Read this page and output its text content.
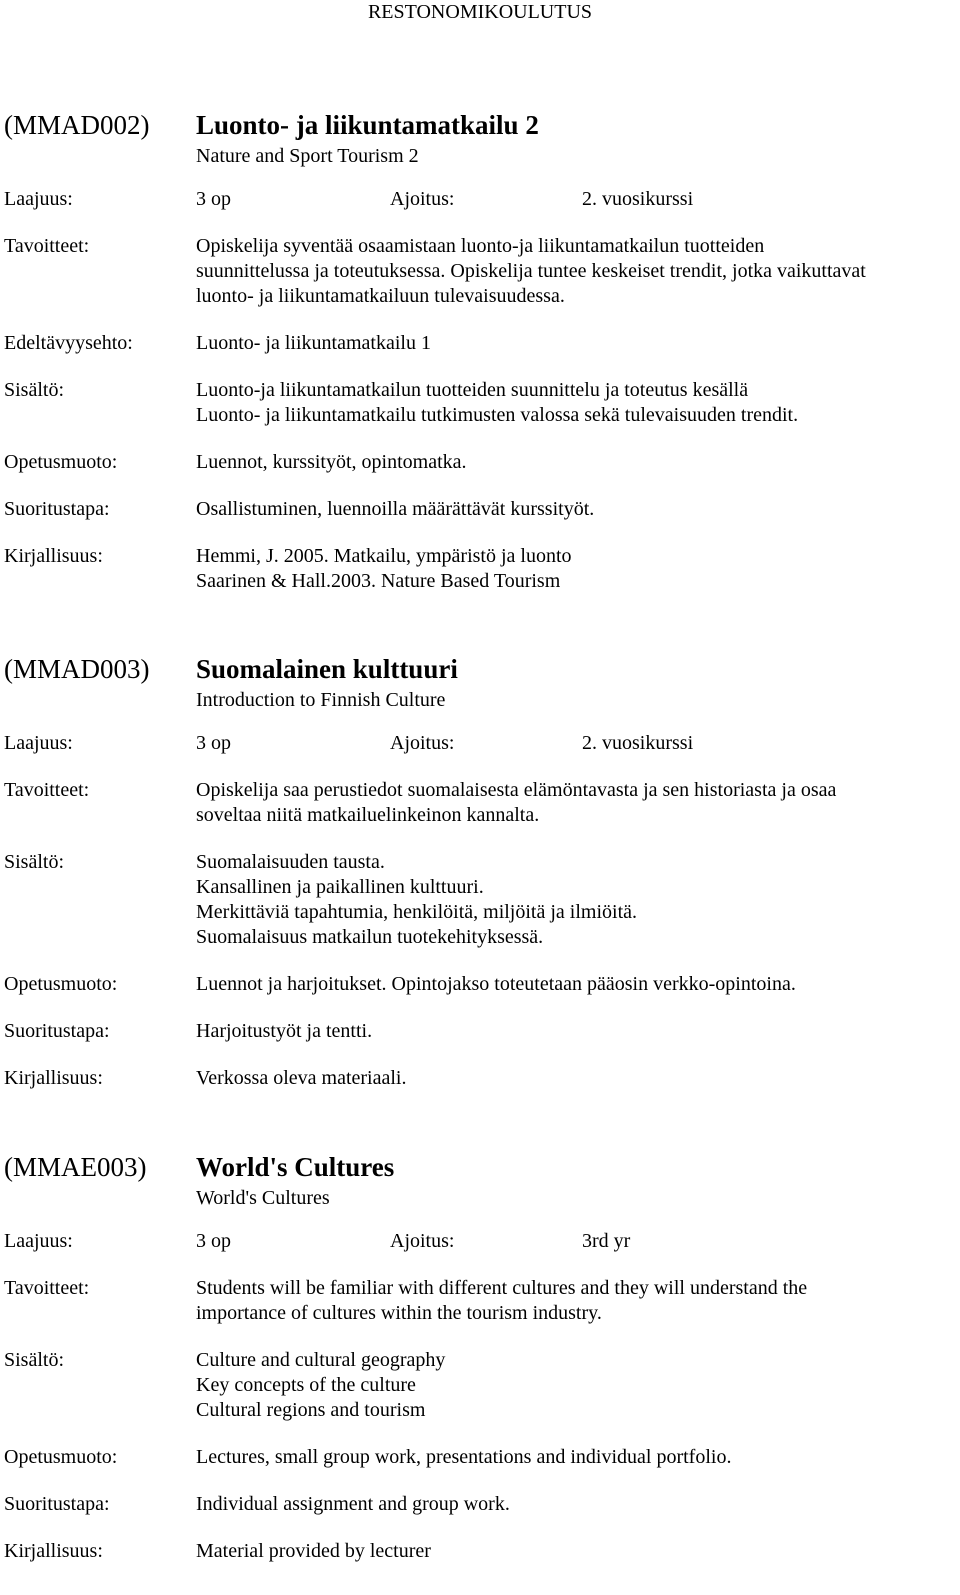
RESTONOMIKOULUTUS
(MMAD002) Luonto- ja liikuntamatkailu 2
Nature and Sport Tourism 2
Laajuus:	3 op	Ajoitus:	2. vuosikurssi
Tavoitteet:	Opiskelija syventää osaamistaan luonto-ja liikuntamatkailun tuotteiden
suunnittelussa ja toteutuksessa. Opiskelija tuntee keskeiset trendit, jotka vaikuttavat
luonto- ja liikuntamatkailuun tulevaisuudessa.
Edeltävyysehto:	Luonto- ja liikuntamatkailu 1
Sisältö:	Luonto-ja liikuntamatkailun tuotteiden suunnittelu ja toteutus kesällä
Luonto- ja liikuntamatkailu tutkimusten valossa sekä tulevaisuuden trendit.
Opetusmuoto:	Luennot, kurssityöt, opintomatka.
Suoritustapa:	Osallistuminen, luennoilla määrättävät kurssityöt.
Kirjallisuus:	Hemmi, J. 2005. Matkailu, ympäristö ja luonto
Saarinen & Hall.2003. Nature Based Tourism
(MMAD003) Suomalainen kulttuuri
Introduction to Finnish Culture
Laajuus:	3 op	Ajoitus:	2. vuosikurssi
Tavoitteet:	Opiskelija saa perustiedot suomalaisesta elämöntavasta ja sen historiasta ja osaa
soveltaa niitä matkailuelinkeinon kannalta.
Sisältö:	Suomalaisuuden tausta.
Kansallinen ja paikallinen kulttuuri.
Merkittäviä tapahtumia, henkilöitä, miljöitä ja ilmiöitä.
Suomalaisuus matkailun tuotekehityksessä.
Opetusmuoto:	Luennot ja harjoitukset. Opintojakso toteutetaan pääosin verkko-opintoina.
Suoritustapa:	Harjoitustyöt ja tentti.
Kirjallisuus:	Verkossa oleva materiaali.
(MMAE003) World's Cultures
World's Cultures
Laajuus:	3 op	Ajoitus:	3rd yr
Tavoitteet:	Students will be familiar with different cultures and they will understand the
importance of cultures within the tourism industry.
Sisältö:	Culture and cultural geography
Key concepts of the culture
Cultural regions and tourism
Opetusmuoto:	Lectures, small group work, presentations and individual portfolio.
Suoritustapa:	Individual assignment and group work.
Kirjallisuus:	Material provided by lecturer
